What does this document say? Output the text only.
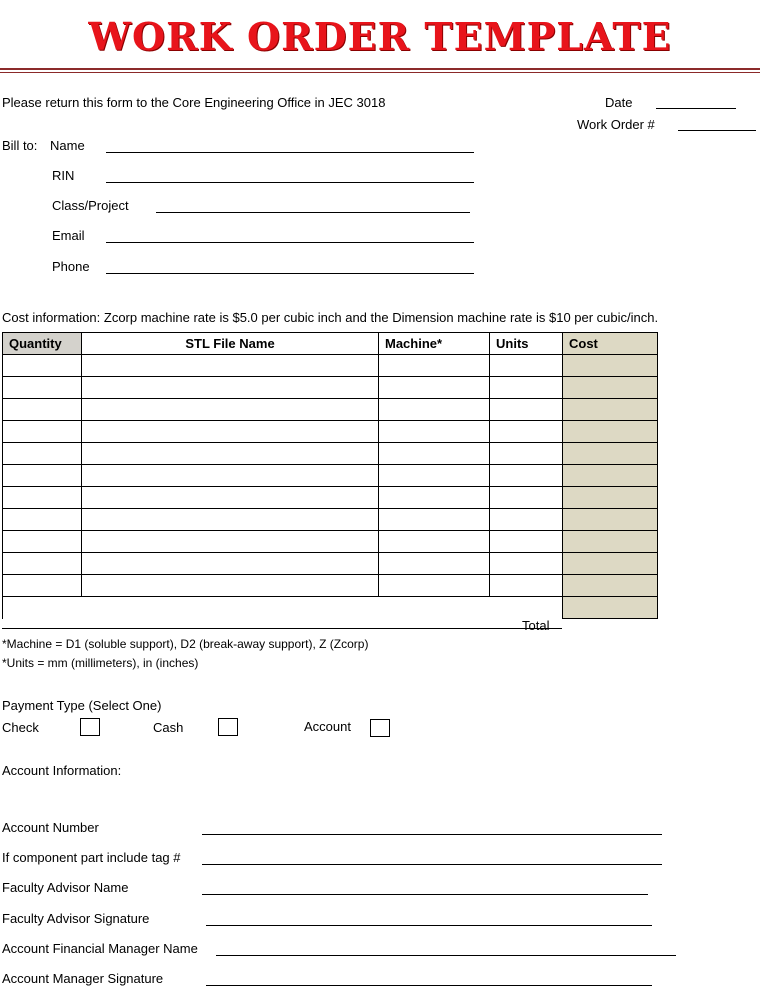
WORK ORDER TEMPLATE
Please return this form to the Core Engineering Office in JEC 3018	Date
Work Order #
Bill to: Name
RIN
Class/Project
Email
Phone
Cost information: Zcorp machine rate is $5.0 per cubic inch and the Dimension machine rate is $10 per cubic/inch.
Quantity	STL File Name	Machine*	Units	Cost

Total
*Machine = D1 (soluble support), D2 (break-away support), Z (Zcorp)
*Units = mm (millimeters), in (inches)
Payment Type (Select One)
Check	Cash	Account
Account Information:
Account Number
If component part include tag #
Faculty Advisor Name
Faculty Advisor Signature
Account Financial Manager Name
Account Manager Signature
